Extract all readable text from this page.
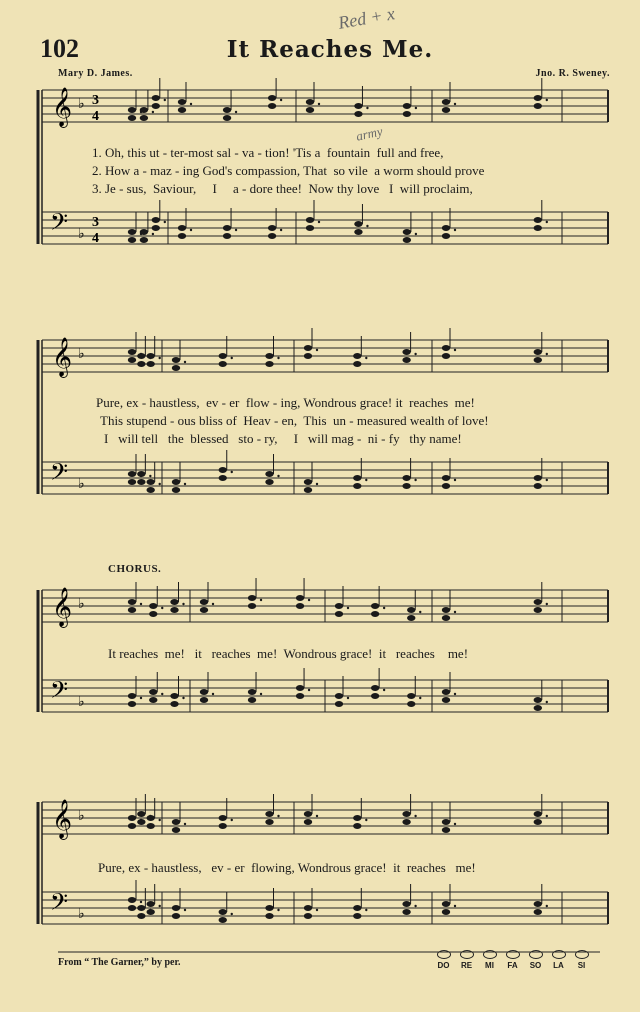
102	It Reaches Me.
Red + x
Mary D. James.	Jno. R. Sweney.
𝄞
𝄢
♭
♭
3
3
4
4
𝄞
𝄢
♭
♭
𝄞
𝄢
♭
♭
𝄞
𝄢
♭
♭
army
1. Oh, this ut - ter-most sal - va - tion! 'Tis a  fountain  full and free,
2. How a - maz - ing God's compassion, That  so vile  a worm should prove
3. Je - sus,  Saviour,     I     a - dore thee!  Now thy love   I  will proclaim,
Pure, ex - haustless,  ev - er  flow - ing, Wondrous grace! it  reaches  me!
This stupend - ous bliss of  Heav - en,  This  un - measured wealth of love!
I   will tell   the  blessed   sto - ry,     I   will mag -  ni - fy   thy name!
CHORUS.
It reaches  me!   it   reaches  me!  Wondrous grace!  it   reaches    me!
Pure, ex - haustless,   ev - er  flowing, Wondrous grace!  it  reaches   me!
From “ The Garner,” by per.	DO	RE	MI	FA	SO	LA	SI
